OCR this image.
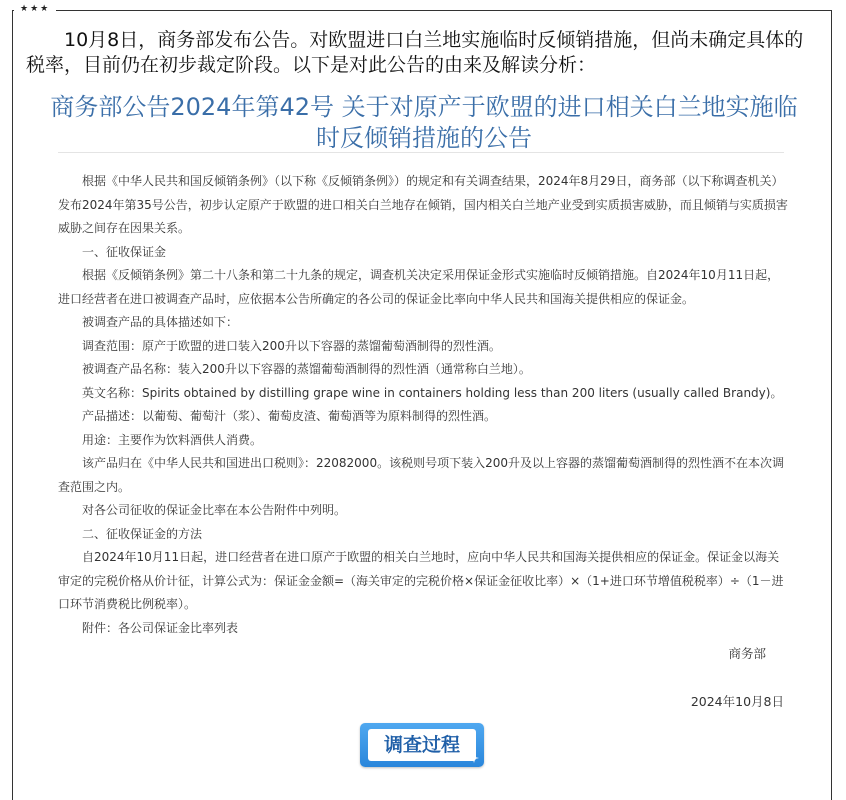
★★★
10月8日，商务部发布公告。对欧盟进口白兰地实施临时反倾销措施，但尚未确定具体的税率，目前仍在初步裁定阶段。以下是对此公告的由来及解读分析：
商务部公告2024年第42号 关于对原产于欧盟的进口相关白兰地实施临时反倾销措施的公告

根据《中华人民共和国反倾销条例》（以下称《反倾销条例》）的规定和有关调查结果，2024年8月29日，商务部（以下称调查机关）发布2024年第35号公告，初步认定原产于欧盟的进口相关白兰地存在倾销，国内相关白兰地产业受到实质损害威胁，而且倾销与实质损害威胁之间存在因果关系。

一、征收保证金

根据《反倾销条例》第二十八条和第二十九条的规定，调查机关决定采用保证金形式实施临时反倾销措施。自2024年10月11日起，进口经营者在进口被调查产品时，应依据本公告所确定的各公司的保证金比率向中华人民共和国海关提供相应的保证金。

被调查产品的具体描述如下：

调查范围：原产于欧盟的进口装入200升以下容器的蒸馏葡萄酒制得的烈性酒。

被调查产品名称：装入200升以下容器的蒸馏葡萄酒制得的烈性酒（通常称白兰地）。

英文名称：Spirits obtained by distilling grape wine in containers holding less than 200 liters (usually called Brandy)。

产品描述：以葡萄、葡萄汁（浆）、葡萄皮渣、葡萄酒等为原料制得的烈性酒。

用途：主要作为饮料酒供人消费。

该产品归在《中华人民共和国进出口税则》：22082000。该税则号项下装入200升及以上容器的蒸馏葡萄酒制得的烈性酒不在本次调查范围之内。

对各公司征收的保证金比率在本公告附件中列明。

二、征收保证金的方法

自2024年10月11日起，进口经营者在进口原产于欧盟的相关白兰地时，应向中华人民共和国海关提供相应的保证金。保证金以海关审定的完税价格从价计征，计算公式为：保证金金额=（海关审定的完税价格×保证金征收比率）×（1+进口环节增值税税率）÷（1－进口环节消费税比例税率）。

附件：各公司保证金比率列表

商务部
2024年10月8日
调查过程
